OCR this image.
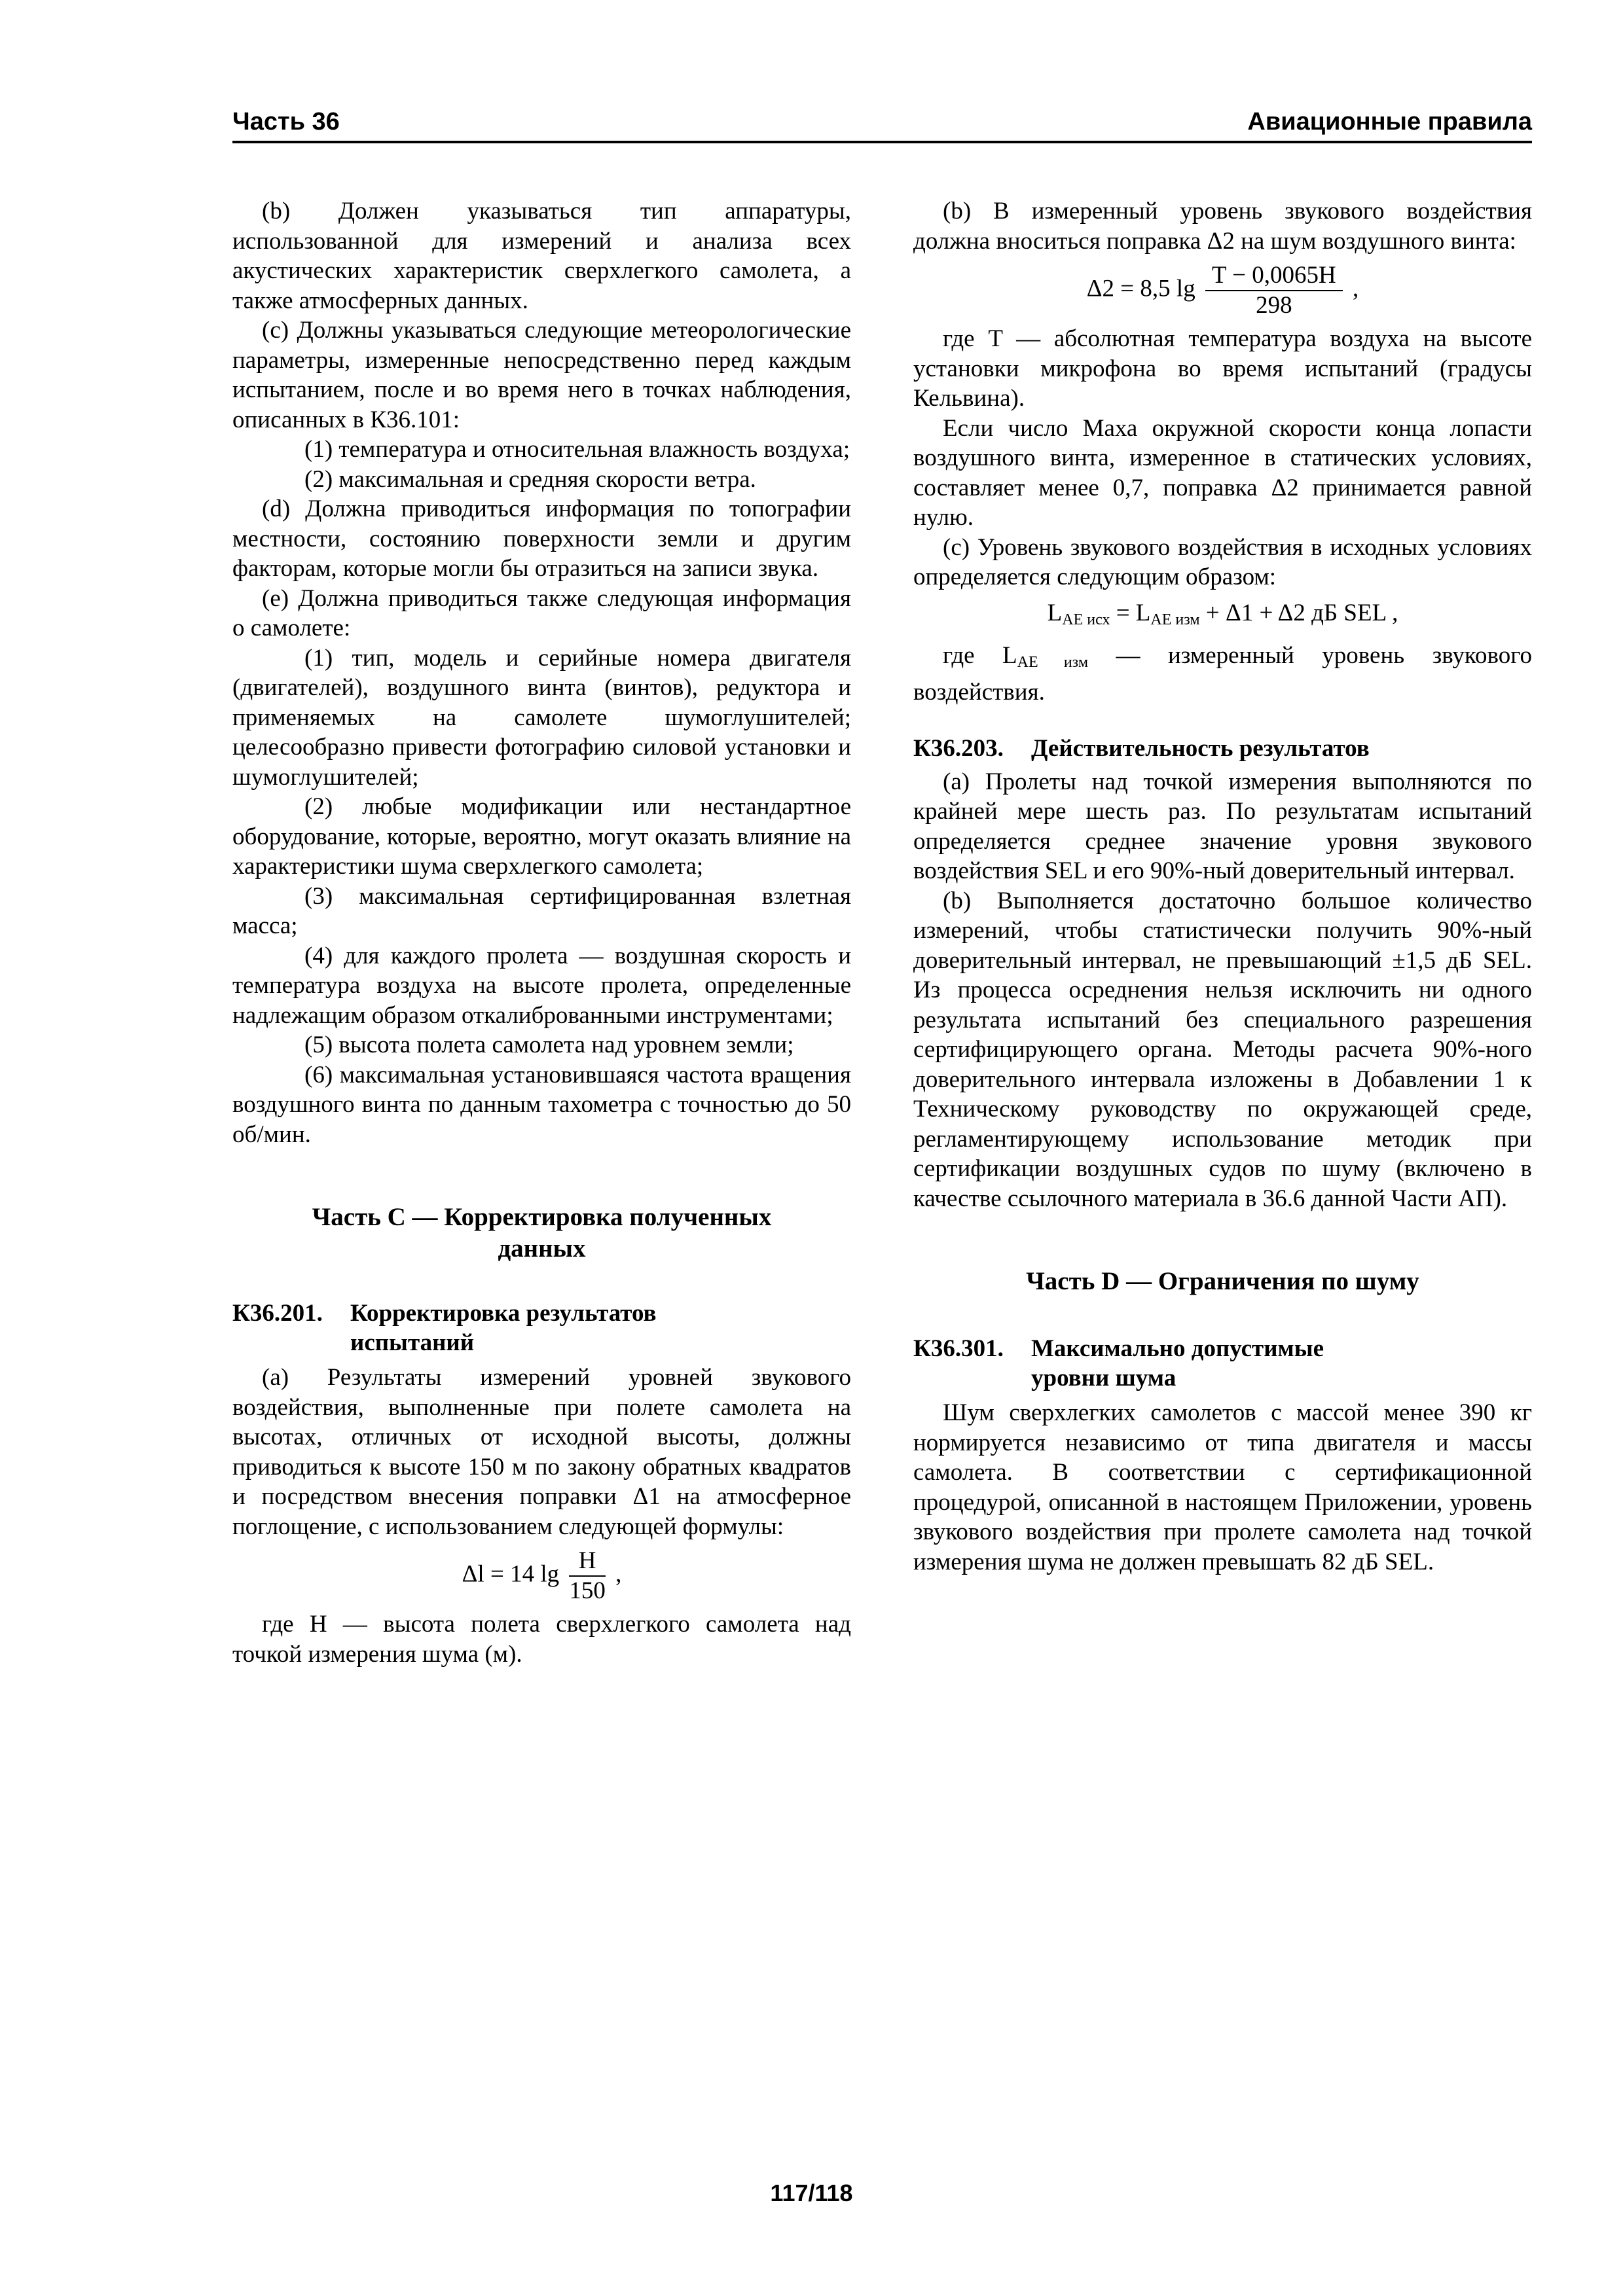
Часть 36	Авиационные правила

(b) Должен указываться тип аппаратуры, использованной для измерений и анализа всех акустических характеристик сверхлегкого самолета, а также атмосферных данных.

(c) Должны указываться следующие метеорологические параметры, измеренные непосредственно перед каждым испытанием, после и во время него в точках наблюдения, описанных в К36.101:

(1) температура и относительная влажность воздуха;

(2) максимальная и средняя скорости ветра.

(d) Должна приводиться информация по топографии местности, состоянию поверхности земли и другим факторам, которые могли бы отразиться на записи звука.

(e) Должна приводиться также следующая информация о самолете:

(1) тип, модель и серийные номера двигателя (двигателей), воздушного винта (винтов), редуктора и применяемых на самолете шумоглушителей; целесообразно привести фотографию силовой установки и шумоглушителей;

(2) любые модификации или нестандартное оборудование, которые, вероятно, могут оказать влияние на характеристики шума сверхлегкого самолета;

(3) максимальная сертифицированная взлетная масса;

(4) для каждого пролета — воздушная скорость и температура воздуха на высоте пролета, определенные надлежащим образом откалиброванными инструментами;

(5) высота полета самолета над уровнем земли;

(6) максимальная установившаяся частота вращения воздушного винта по данным тахометра с точностью до 50 об/мин.

Часть С — Корректировка полученных
данных
К36.201. Корректировка результатов
испытаний

(a) Результаты измерений уровней звукового воздействия, выполненные при полете самолета на высотах, отличных от исходной высоты, должны приводиться к высоте 150 м по закону обратных квадратов и посредством внесения поправки Δ1 на атмосферное поглощение, с использованием следующей формулы:

Δl = 14 $\lg \frac{H}{150}$ ,

где H — высота полета сверхлегкого самолета над точкой измерения шума (м).

(b) В измеренный уровень звукового воздействия должна вноситься поправка Δ2 на шум воздушного винта:

Δ2 = 8,5 $\lg \frac{T - 0,0065H}{298}$ ,

где T — абсолютная температура воздуха на высоте установки микрофона во время испытаний (градусы Кельвина).

Если число Маха окружной скорости конца лопасти воздушного винта, измеренное в статических условиях, составляет менее 0,7, поправка Δ2 принимается равной нулю.

(c) Уровень звукового воздействия в исходных условиях определяется следующим образом:

$L_{AE исх} = L_{AE изм} + \Delta 1 + \Delta 2$ дБ SEL ,

где $L_{AE изм}$ — измеренный уровень звукового воздействия.

К36.203. Действительность результатов

(a) Пролеты над точкой измерения выполняются по крайней мере шесть раз. По результатам испытаний определяется среднее значение уровня звукового воздействия SEL и его 90%-ный доверительный интервал.

(b) Выполняется достаточно большое количество измерений, чтобы статистически получить 90%-ный доверительный интервал, не превышающий ±1,5 дБ SEL. Из процесса осреднения нельзя исключить ни одного результата испытаний без специального разрешения сертифицирующего органа. Методы расчета 90%-ного доверительного интервала изложены в Добавлении 1 к Техническому руководству по окружающей среде, регламентирующему использование методик при сертификации воздушных судов по шуму (включено в качестве ссылочного материала в 36.6 данной Части АП).

Часть D — Ограничения по шуму
К36.301. Максимально допустимые
уровни шума

Шум сверхлегких самолетов с массой менее 390 кг нормируется независимо от типа двигателя и массы самолета. В соответствии с сертификационной процедурой, описанной в настоящем Приложении, уровень звукового воздействия при пролете самолета над точкой измерения шума не должен превышать 82 дБ SEL.

117/118
